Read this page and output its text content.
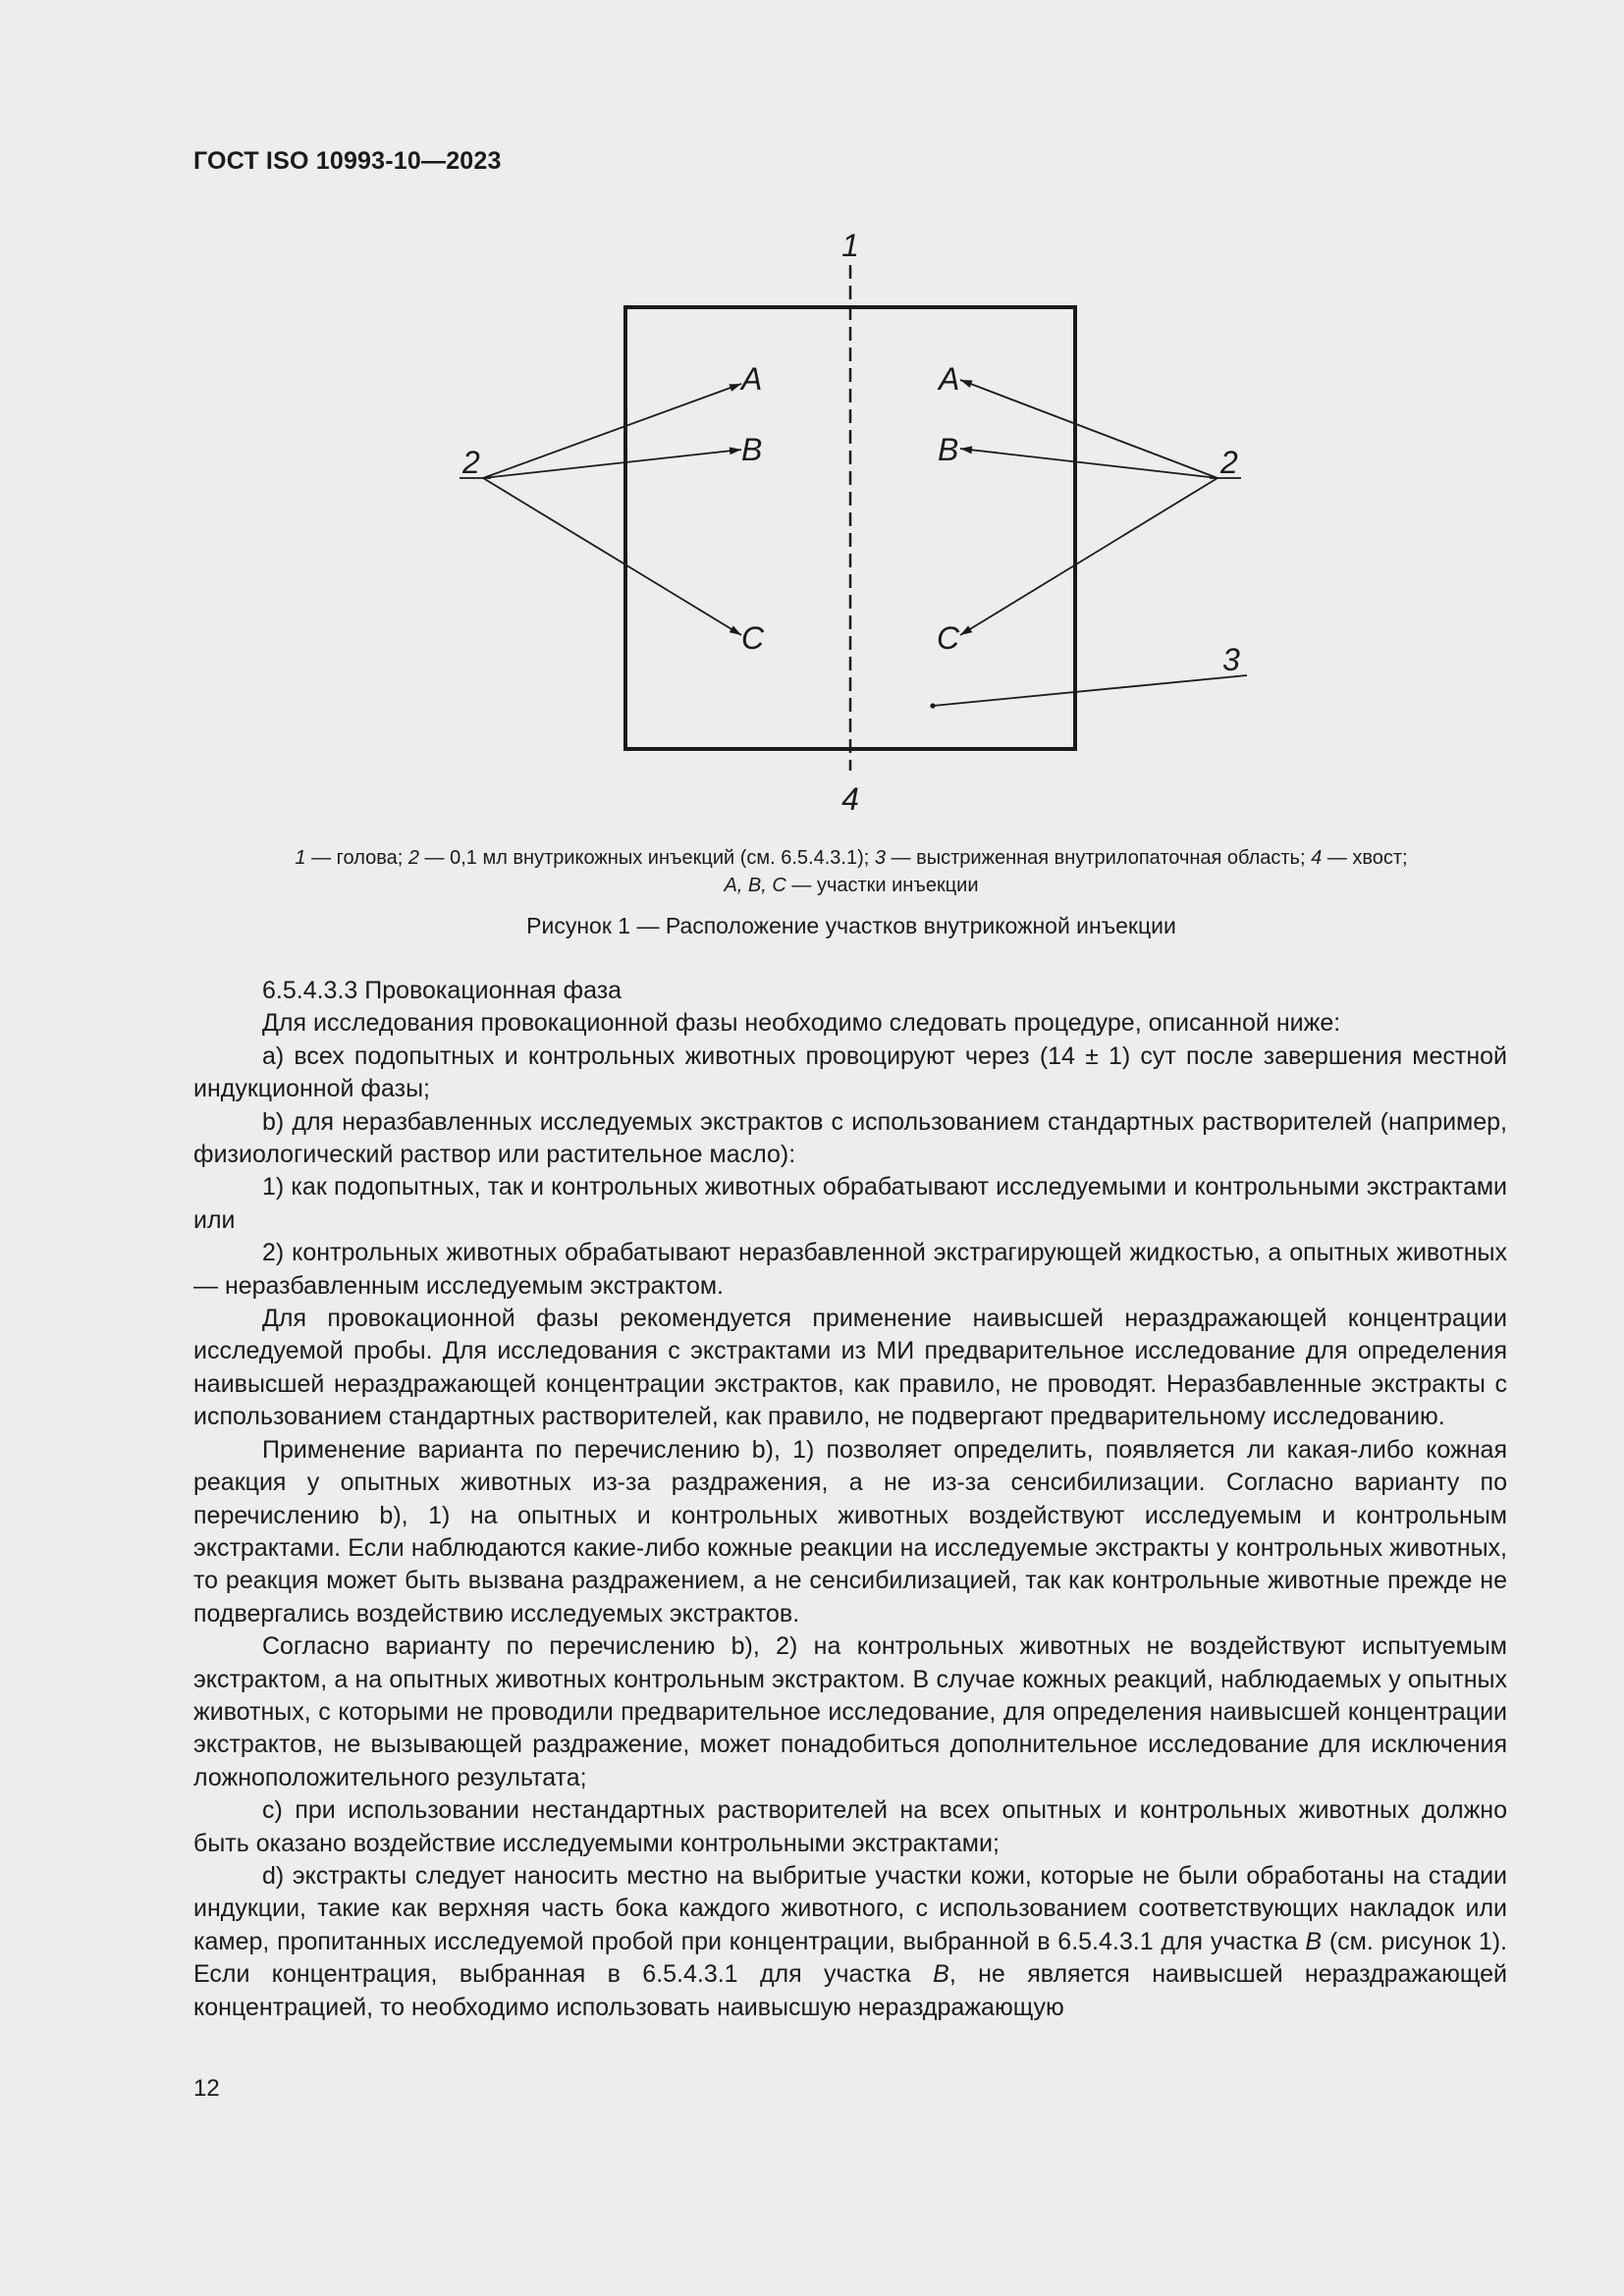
ГОСТ ISO 10993-10—2023
1
4
2	2
3
A
B
C
A
B
C
1 — голова; 2 — 0,1 мл внутрикожных инъекций (см. 6.5.4.3.1); 3 — выстриженная внутрилопаточная область; 4 — хвост;
A, B, C — участки инъекции
Рисунок 1 — Расположение участков внутрикожной инъекции

6.5.4.3.3 Провокационная фаза

Для исследования провокационной фазы необходимо следовать процедуре, описанной ниже:

a) всех подопытных и контрольных животных провоцируют через (14 ± 1) сут после завершения местной индукционной фазы;

b) для неразбавленных исследуемых экстрактов с использованием стандартных растворителей (например, физиологический раствор или растительное масло):

1) как подопытных, так и контрольных животных обрабатывают исследуемыми и контрольными экстрактами или

2) контрольных животных обрабатывают неразбавленной экстрагирующей жидкостью, а опытных животных — неразбавленным исследуемым экстрактом.

Для провокационной фазы рекомендуется применение наивысшей нераздражающей концентрации исследуемой пробы. Для исследования с экстрактами из МИ предварительное исследование для определения наивысшей нераздражающей концентрации экстрактов, как правило, не проводят. Неразбавленные экстракты с использованием стандартных растворителей, как правило, не подвергают предварительному исследованию.

Применение варианта по перечислению b), 1) позволяет определить, появляется ли какая-либо кожная реакция у опытных животных из-за раздражения, а не из-за сенсибилизации. Согласно варианту по перечислению b), 1) на опытных и контрольных животных воздействуют исследуемым и контрольным экстрактами. Если наблюдаются какие-либо кожные реакции на исследуемые экстракты у контрольных животных, то реакция может быть вызвана раздражением, а не сенсибилизацией, так как контрольные животные прежде не подвергались воздействию исследуемых экстрактов.

Согласно варианту по перечислению b), 2) на контрольных животных не воздействуют испытуемым экстрактом, а на опытных животных контрольным экстрактом. В случае кожных реакций, наблюдаемых у опытных животных, с которыми не проводили предварительное исследование, для определения наивысшей концентрации экстрактов, не вызывающей раздражение, может понадобиться дополнительное исследование для исключения ложноположительного результата;

c) при использовании нестандартных растворителей на всех опытных и контрольных животных должно быть оказано воздействие исследуемыми контрольными экстрактами;

d) экстракты следует наносить местно на выбритые участки кожи, которые не были обработаны на стадии индукции, такие как верхняя часть бока каждого животного, с использованием соответствующих накладок или камер, пропитанных исследуемой пробой при концентрации, выбранной в 6.5.4.3.1 для участка B (см. рисунок 1). Если концентрация, выбранная в 6.5.4.3.1 для участка B, не является наивысшей нераздражающей концентрацией, то необходимо использовать наивысшую нераздражающую

12
